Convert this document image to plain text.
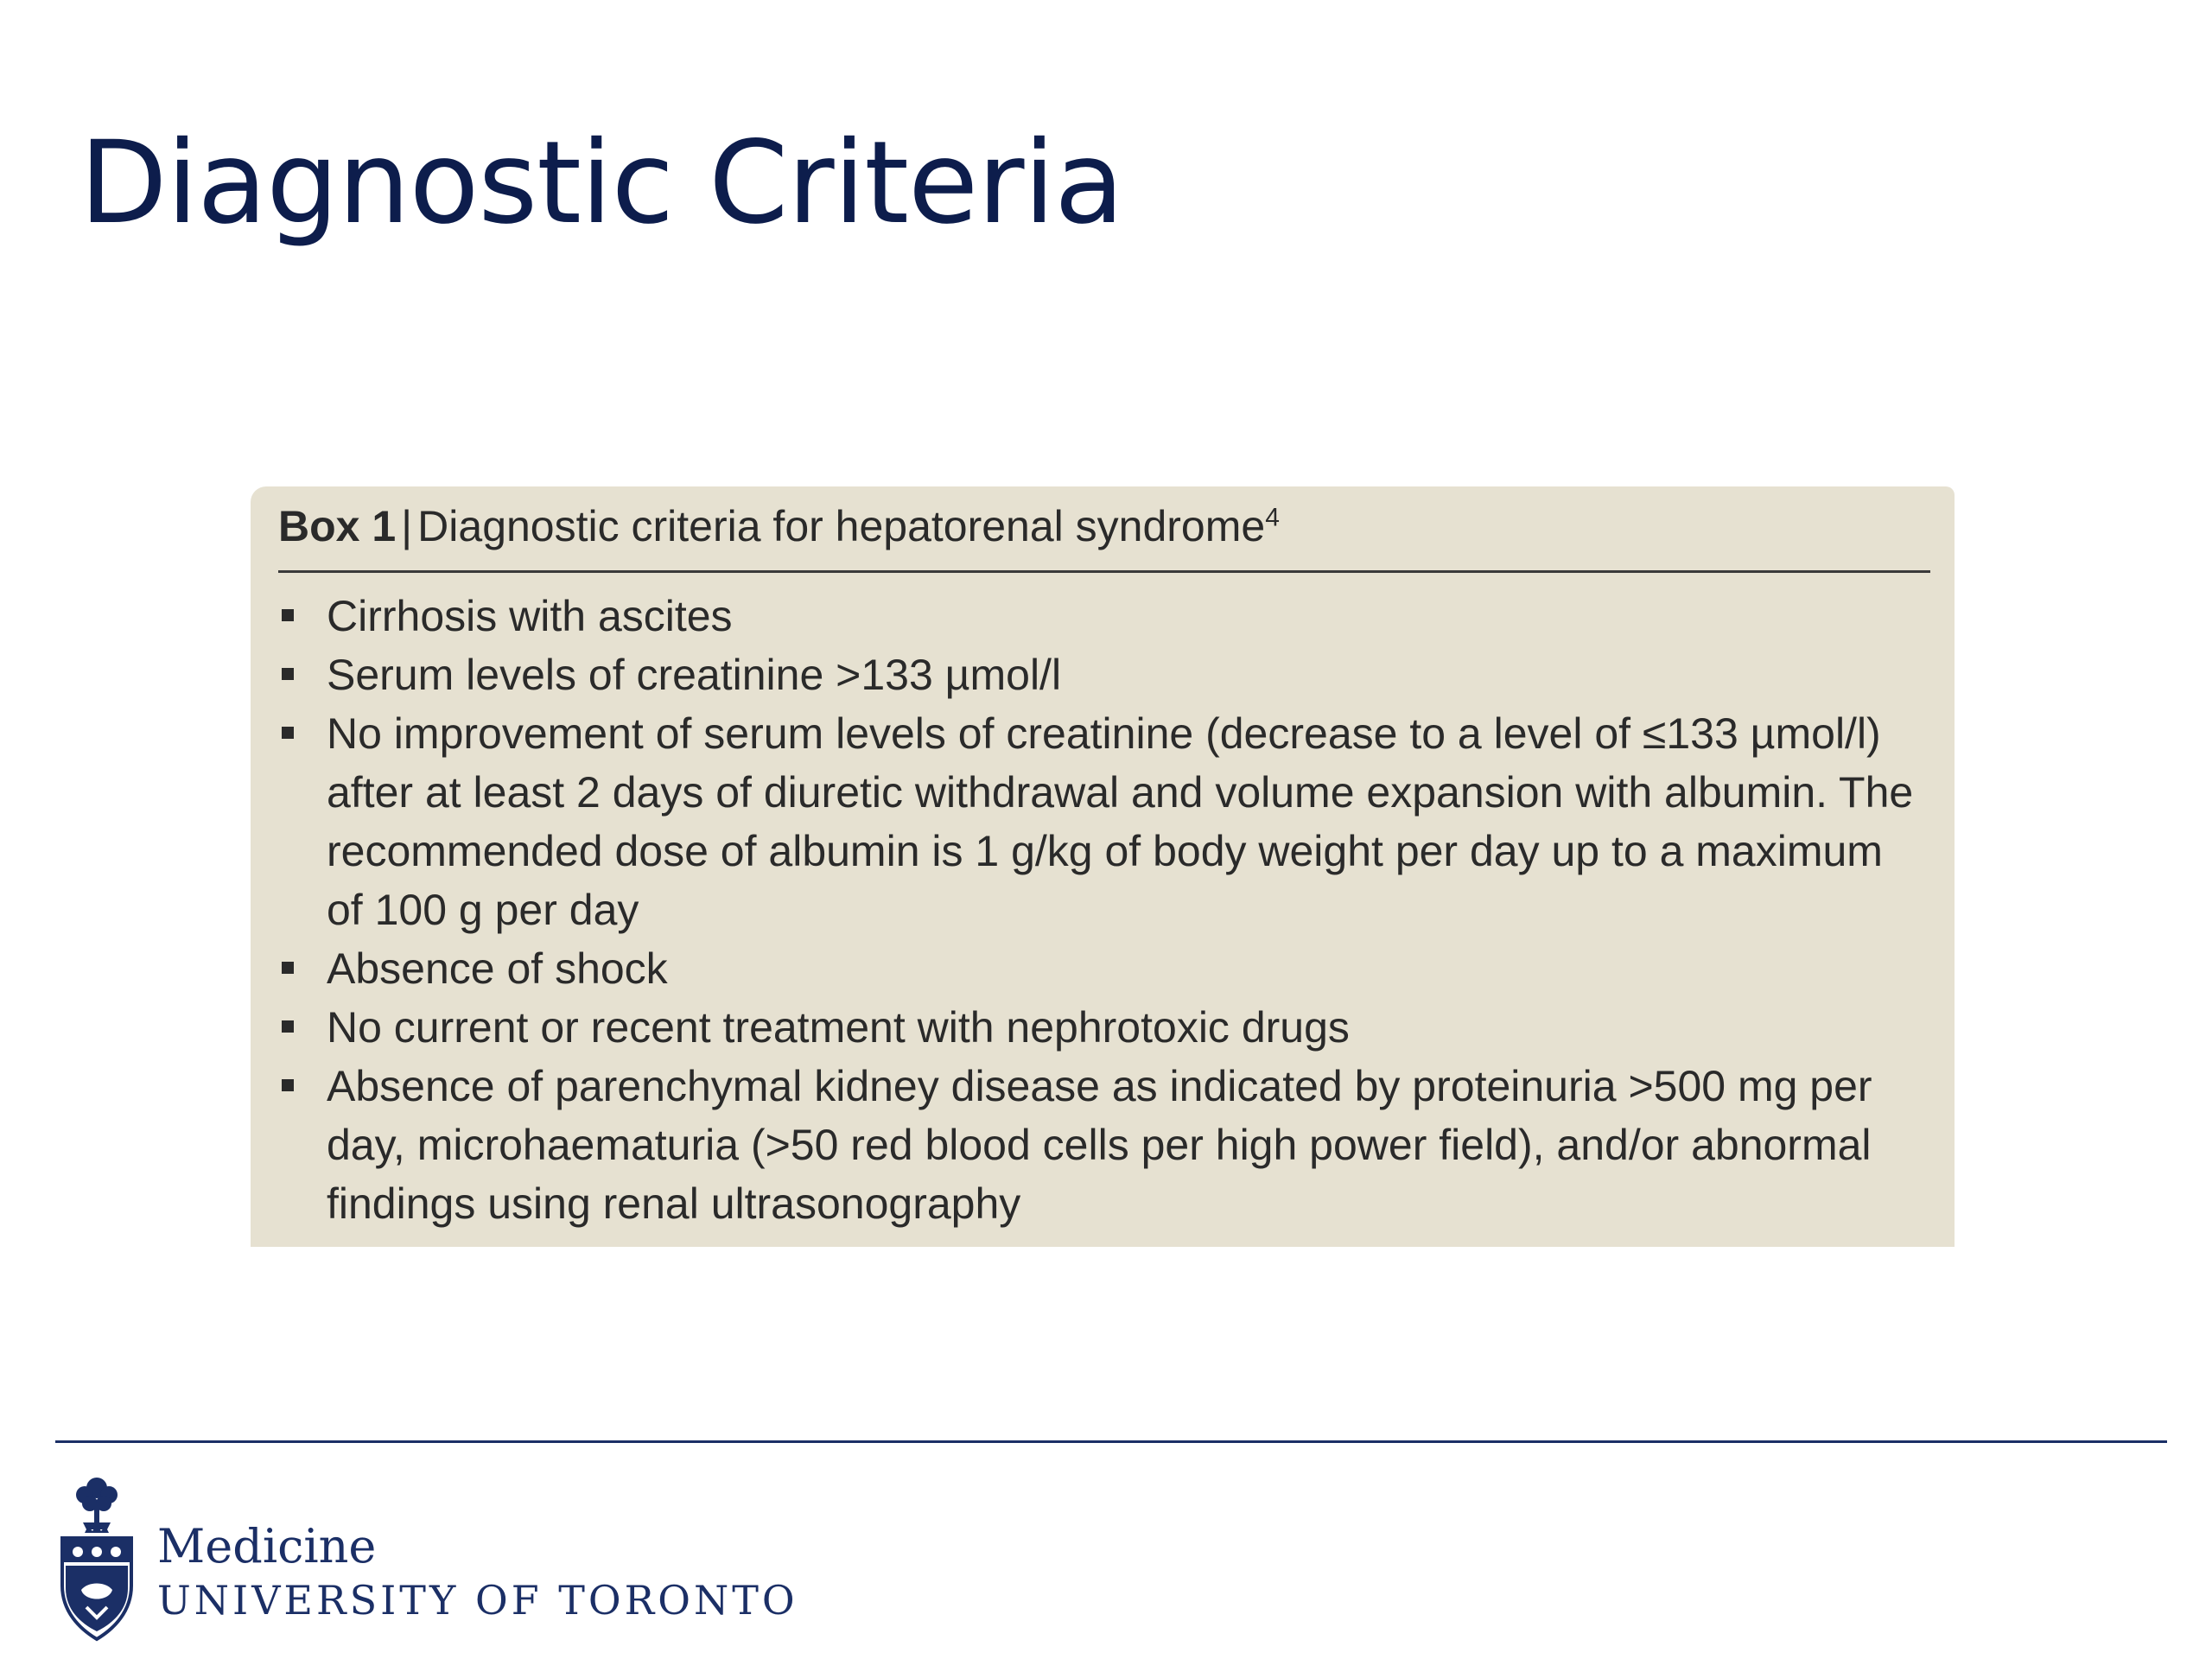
Diagnostic Criteria
Box 1 | Diagnostic criteria for hepatorenal syndrome$^4$
Cirrhosis with ascites
Serum levels of creatinine >133 µmol/l
No improvement of serum levels of creatinine (decrease to a level of ≤133 µmol/l) after at least 2 days of diuretic withdrawal and volume expansion with albumin. The recommended dose of albumin is 1 g/kg of body weight per day up to a maximum of 100 g per day
Absence of shock
No current or recent treatment with nephrotoxic drugs
Absence of parenchymal kidney disease as indicated by proteinuria >500 mg per day, microhaematuria (>50 red blood cells per high power field), and/or abnormal findings using renal ultrasonography
Medicine
UNIVERSITY OF TORONTO
